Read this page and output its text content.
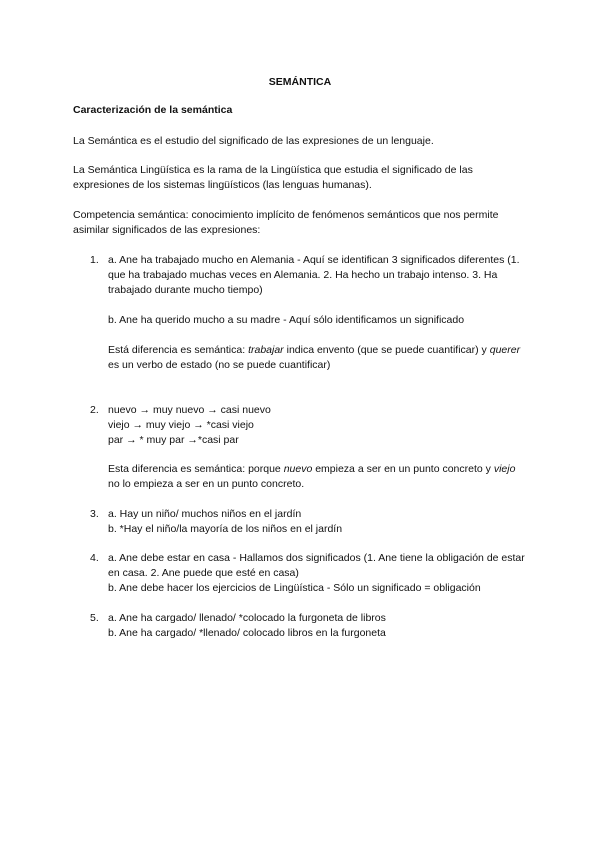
SEMÁNTICA
Caracterización de la semántica
La Semántica es el estudio del significado de las expresiones de un lenguaje.
La Semántica Lingüística es la rama de la Lingüística que estudia el significado de las
expresiones de los sistemas lingüísticos (las lenguas humanas).
Competencia semántica: conocimiento implícito de fenómenos semánticos que nos permite
asimilar significados de las expresiones:
1. a. Ane ha trabajado mucho en Alemania - Aquí se identifican 3 significados diferentes (1.
que ha trabajado muchas veces en Alemania. 2. Ha hecho un trabajo intenso. 3. Ha
trabajado durante mucho tiempo)
b. Ane ha querido mucho a su madre - Aquí sólo identificamos un significado
Está diferencia es semántica: trabajar indica envento (que se puede cuantificar) y querer
es un verbo de estado (no se puede cuantificar)
2. nuevo → muy nuevo → casi nuevo
viejo → muy viejo → *casi viejo
par → * muy par →*casi par
Esta diferencia es semántica: porque nuevo empieza a ser en un punto concreto y viejo
no lo empieza a ser en un punto concreto.
3. a. Hay un niño/ muchos niños en el jardín
b. *Hay el niño/la mayoría de los niños en el jardín
4. a. Ane debe estar en casa - Hallamos dos significados (1. Ane tiene la obligación de estar
en casa. 2. Ane puede que esté en casa)
b. Ane debe hacer los ejercicios de Lingüística - Sólo un significado = obligación
5. a. Ane ha cargado/ llenado/ *colocado la furgoneta de libros
b. Ane ha cargado/ *llenado/ colocado libros en la furgoneta
